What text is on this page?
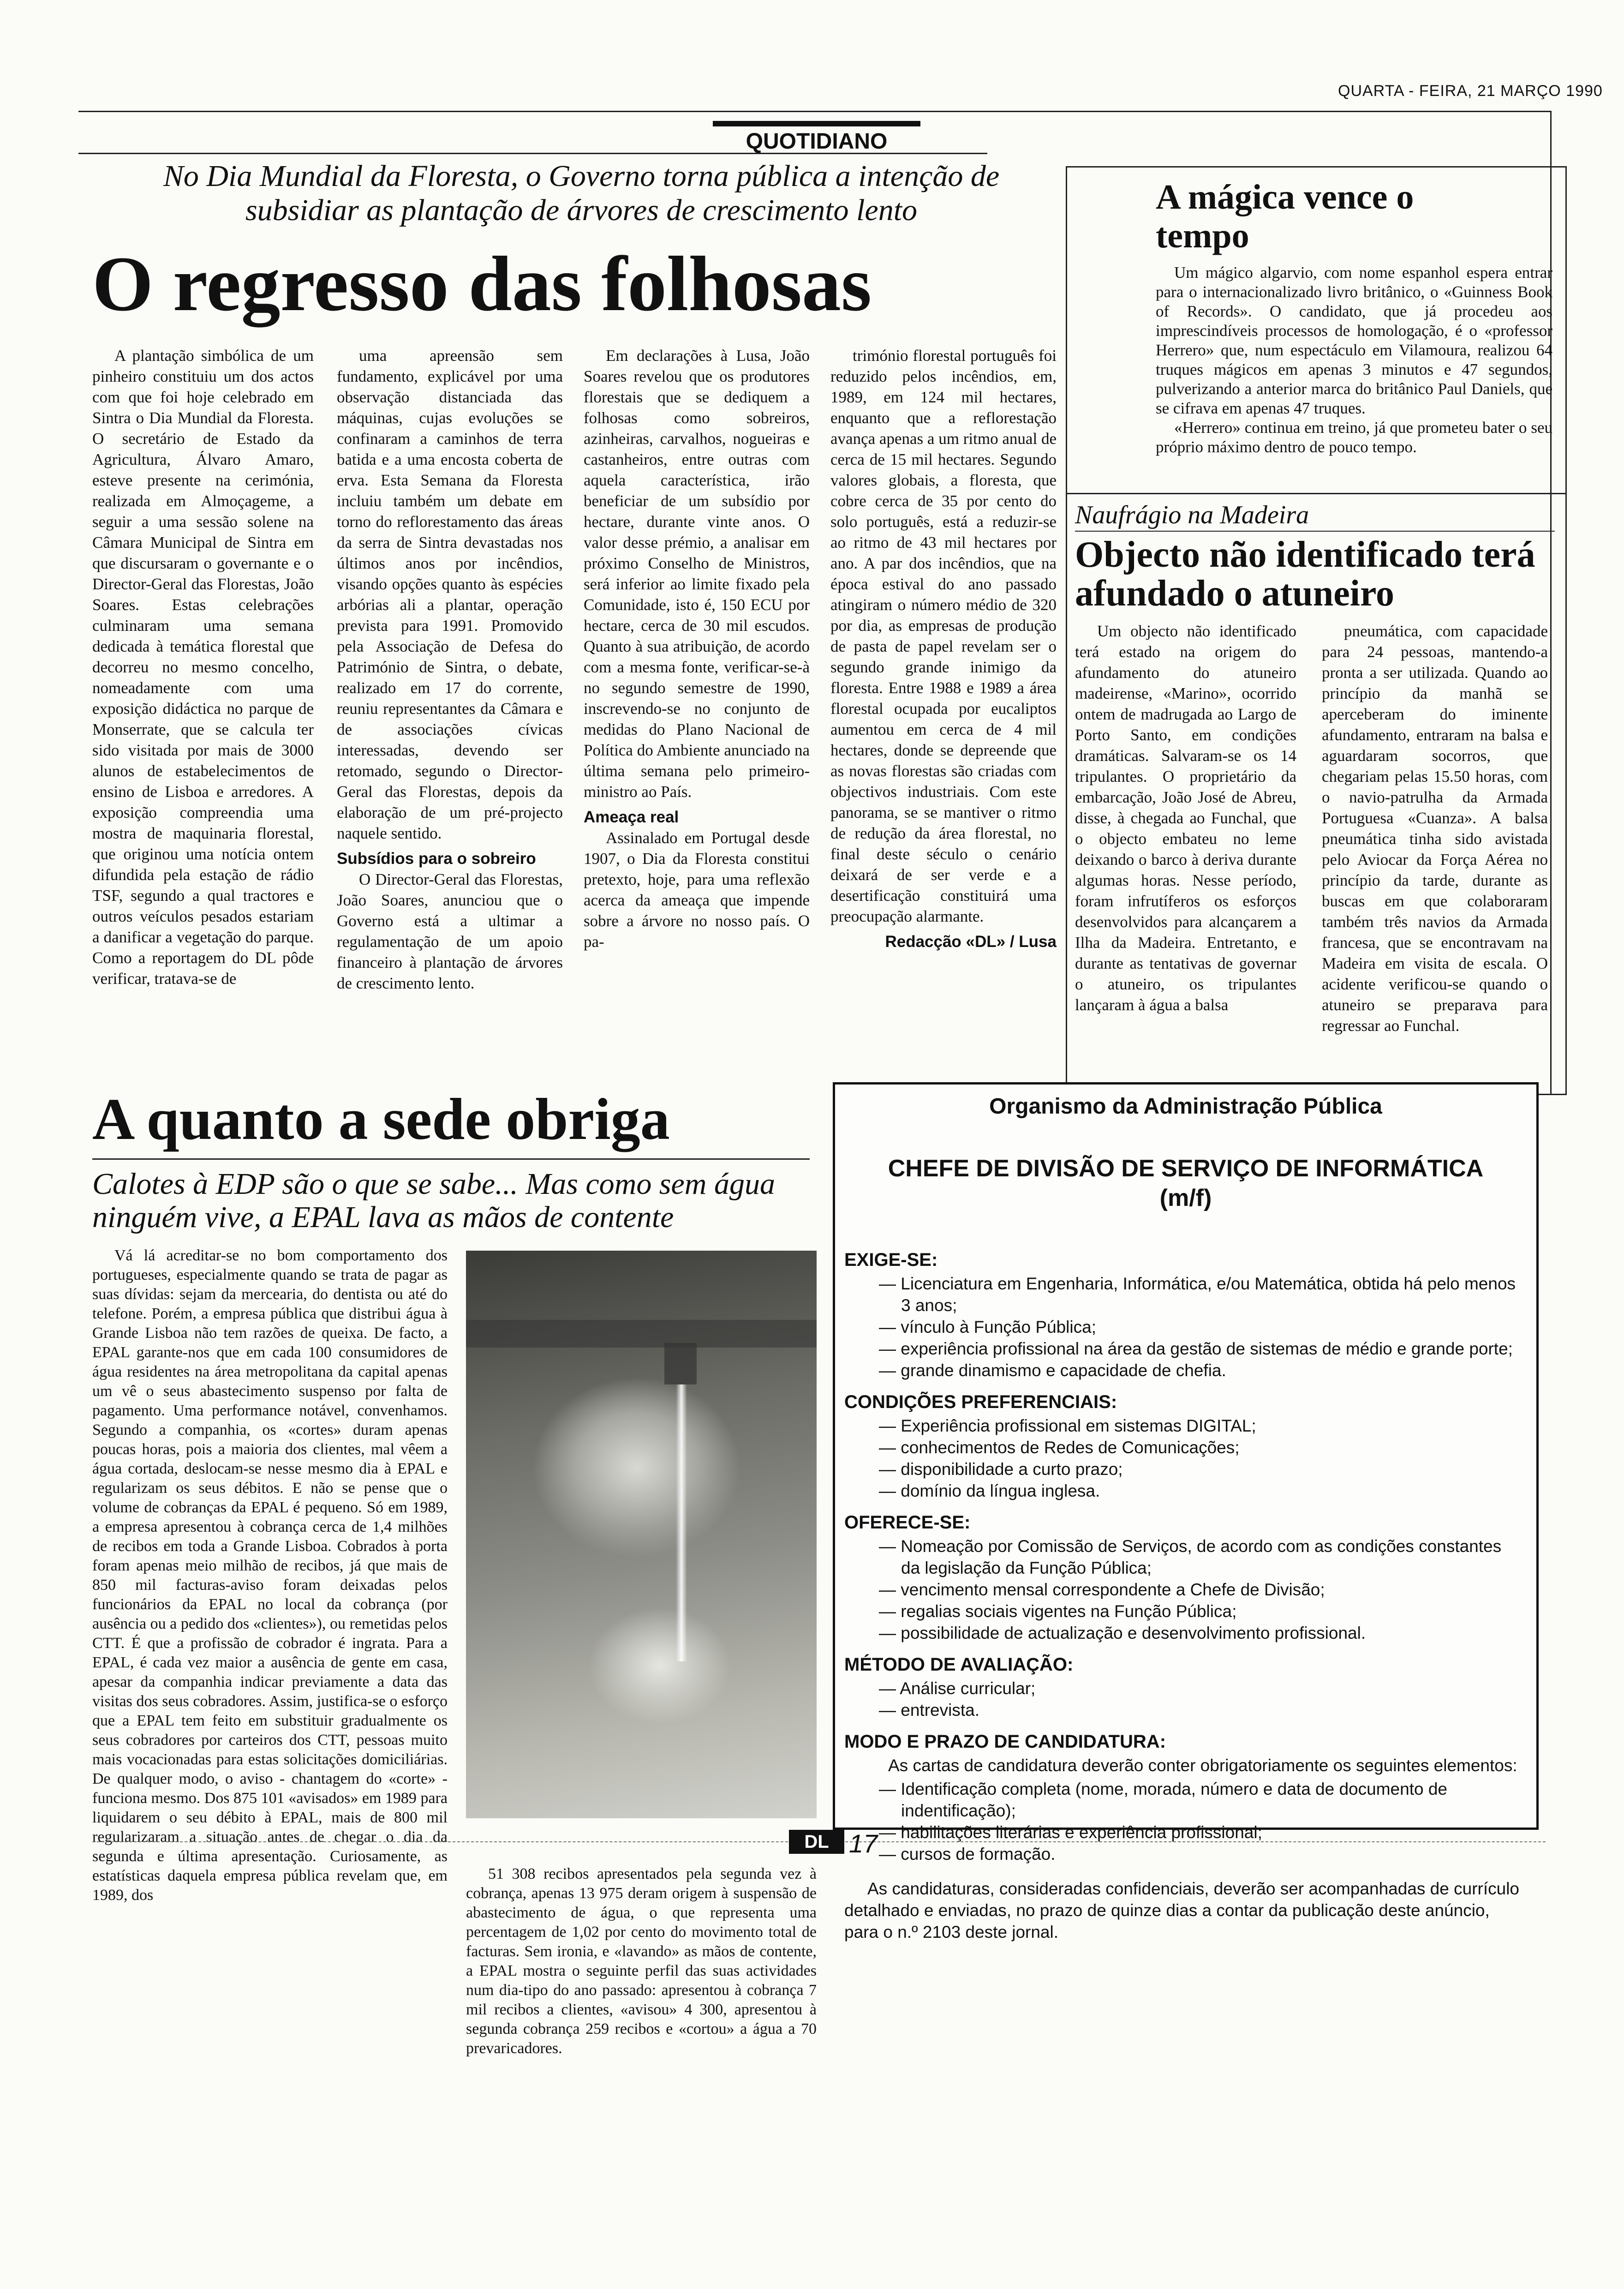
QUARTA - FEIRA, 21 MARÇO 1990
QUOTIDIANO
No Dia Mundial da Floresta, o Governo torna pública a intenção de subsidiar as plantação de árvores de crescimento lento
O regresso das folhosas

A plantação simbólica de um pinheiro constituiu um dos actos com que foi hoje celebrado em Sintra o Dia Mundial da Floresta. O secretário de Estado da Agricultura, Álvaro Amaro, esteve presente na cerimónia, realizada em Almoçageme, a seguir a uma sessão solene na Câmara Municipal de Sintra em que discursaram o governante e o Director-Geral das Florestas, João Soares. Estas celebrações culminaram uma semana dedicada à temática florestal que decorreu no mesmo concelho, nomeadamente com uma exposição didáctica no parque de Monserrate, que se calcula ter sido visitada por mais de 3000 alunos de estabelecimentos de ensino de Lisboa e arredores. A exposição compreendia uma mostra de maquinaria florestal, que originou uma notícia ontem difundida pela estação de rádio TSF, segundo a qual tractores e outros veículos pesados estariam a danificar a vegetação do parque. Como a reportagem do DL pôde verificar, tratava-se de

uma apreensão sem fundamento, explicável por uma observação distanciada das máquinas, cujas evoluções se confinaram a caminhos de terra batida e a uma encosta coberta de erva. Esta Semana da Floresta incluiu também um debate em torno do reflorestamento das áreas da serra de Sintra devastadas nos últimos anos por incêndios, visando opções quanto às espécies arbórias ali a plantar, operação prevista para 1991. Promovido pela Associação de Defesa do Património de Sintra, o debate, realizado em 17 do corrente, reuniu representantes da Câmara e de associações cívicas interessadas, devendo ser retomado, segundo o Director-Geral das Florestas, depois da elaboração de um pré-projecto naquele sentido.

Subsídios para o sobreiro

O Director-Geral das Florestas, João Soares, anunciou que o Governo está a ultimar a regulamentação de um apoio financeiro à plantação de árvores de crescimento lento.

Em declarações à Lusa, João Soares revelou que os produtores florestais que se dediquem a folhosas como sobreiros, azinheiras, carvalhos, nogueiras e castanheiros, entre outras com aquela característica, irão beneficiar de um subsídio por hectare, durante vinte anos. O valor desse prémio, a analisar em próximo Conselho de Ministros, será inferior ao limite fixado pela Comunidade, isto é, 150 ECU por hectare, cerca de 30 mil escudos. Quanto à sua atribuição, de acordo com a mesma fonte, verificar-se-à no segundo semestre de 1990, inscrevendo-se no conjunto de medidas do Plano Nacional de Política do Ambiente anunciado na última semana pelo primeiro-ministro ao País.

Ameaça real

Assinalado em Portugal desde 1907, o Dia da Floresta constitui pretexto, hoje, para uma reflexão acerca da ameaça que impende sobre a árvore no nosso país. O pa-

trimónio florestal português foi reduzido pelos incêndios, em, 1989, em 124 mil hectares, enquanto que a reflorestação avança apenas a um ritmo anual de cerca de 15 mil hectares. Segundo valores globais, a floresta, que cobre cerca de 35 por cento do solo português, está a reduzir-se ao ritmo de 43 mil hectares por ano. A par dos incêndios, que na época estival do ano passado atingiram o número médio de 320 por dia, as empresas de produção de pasta de papel revelam ser o segundo grande inimigo da floresta. Entre 1988 e 1989 a área florestal ocupada por eucaliptos aumentou em cerca de 4 mil hectares, donde se depreende que as novas florestas são criadas com objectivos industriais. Com este panorama, se se mantiver o ritmo de redução da área florestal, no final deste século o cenário deixará de ser verde e a desertificação constituirá uma preocupação alarmante.

Redacção «DL» / Lusa

A mágica vence o tempo

Um mágico algarvio, com nome espanhol espera entrar para o internacionalizado livro britânico, o «Guinness Book of Records». O candidato, que já procedeu aos imprescindíveis processos de homologação, é o «professor Herrero» que, num espectáculo em Vilamoura, realizou 64 truques mágicos em apenas 3 minutos e 47 segundos, pulverizando a anterior marca do britânico Paul Daniels, que se cifrava em apenas 47 truques.

«Herrero» continua em treino, já que prometeu bater o seu próprio máximo dentro de pouco tempo.

Naufrágio na Madeira
Objecto não identificado terá afundado o atuneiro

Um objecto não identificado terá estado na origem do afundamento do atuneiro madeirense, «Marino», ocorrido ontem de madrugada ao Largo de Porto Santo, em condições dramáticas. Salvaram-se os 14 tripulantes. O proprietário da embarcação, João José de Abreu, disse, à chegada ao Funchal, que o objecto embateu no leme deixando o barco à deriva durante algumas horas. Nesse período, foram infrutíferos os esforços desenvolvidos para alcançarem a Ilha da Madeira. Entretanto, e durante as tentativas de governar o atuneiro, os tripulantes lançaram à água a balsa

pneumática, com capacidade para 24 pessoas, mantendo-a pronta a ser utilizada. Quando ao princípio da manhã se aperceberam do iminente afundamento, entraram na balsa e aguardaram socorros, que chegariam pelas 15.50 horas, com o navio-patrulha da Armada Portuguesa «Cuanza». A balsa pneumática tinha sido avistada pelo Aviocar da Força Aérea no princípio da tarde, durante as buscas em que colaboraram também três navios da Armada francesa, que se encontravam na Madeira em visita de escala. O acidente verificou-se quando o atuneiro se preparava para regressar ao Funchal.

A quanto a sede obriga
Calotes à EDP são o que se sabe... Mas como sem água ninguém vive, a EPAL lava as mãos de contente

Vá lá acreditar-se no bom comportamento dos portugueses, especialmente quando se trata de pagar as suas dívidas: sejam da mercearia, do dentista ou até do telefone. Porém, a empresa pública que distribui água à Grande Lisboa não tem razões de queixa. De facto, a EPAL garante-nos que em cada 100 consumidores de água residentes na área metropolitana da capital apenas um vê o seus abastecimento suspenso por falta de pagamento. Uma performance notável, convenhamos. Segundo a companhia, os «cortes» duram apenas poucas horas, pois a maioria dos clientes, mal vêem a água cortada, deslocam-se nesse mesmo dia à EPAL e regularizam os seus débitos. E não se pense que o volume de cobranças da EPAL é pequeno. Só em 1989, a empresa apresentou à cobrança cerca de 1,4 milhões de recibos em toda a Grande Lisboa. Cobrados à porta foram apenas meio milhão de recibos, já que mais de 850 mil facturas-aviso foram deixadas pelos funcionários da EPAL no local da cobrança (por ausência ou a pedido dos «clientes»), ou remetidas pelos CTT. É que a profissão de cobrador é ingrata. Para a EPAL, é cada vez maior a ausência de gente em casa, apesar da companhia indicar previamente a data das visitas dos seus cobradores. Assim, justifica-se o esforço que a EPAL tem feito em substituir gradualmente os seus cobradores por carteiros dos CTT, pessoas muito mais vocacionadas para estas solicitações domiciliárias. De qualquer modo, o aviso - chantagem do «corte» - funciona mesmo. Dos 875 101 «avisados» em 1989 para liquidarem o seu débito à EPAL, mais de 800 mil regularizaram a situação antes de chegar o dia da segunda e última apresentação. Curiosamente, as estatísticas daquela empresa pública revelam que, em 1989, dos

Organismo da Administração Pública
CHEFE DE DIVISÃO DE SERVIÇO DE INFORMÁTICA
(m/f)
EXIGE-SE:
— Licenciatura em Engenharia, Informática, e/ou Matemática, obtida há pelo menos 3 anos;
— vínculo à Função Pública;
— experiência profissional na área da gestão de sistemas de médio e grande porte;
— grande dinamismo e capacidade de chefia.
CONDIÇÕES PREFERENCIAIS:
— Experiência profissional em sistemas DIGITAL;
— conhecimentos de Redes de Comunicações;
— disponibilidade a curto prazo;
— domínio da língua inglesa.
OFERECE-SE:
— Nomeação por Comissão de Serviços, de acordo com as condições constantes da legislação da Função Pública;
— vencimento mensal correspondente a Chefe de Divisão;
— regalias sociais vigentes na Função Pública;
— possibilidade de actualização e desenvolvimento profissional.
MÉTODO DE AVALIAÇÃO:
— Análise curricular;
— entrevista.
MODO E PRAZO DE CANDIDATURA:
As cartas de candidatura deverão conter obrigatoriamente os seguintes elementos:
— Identificação completa (nome, morada, número e data de documento de indentificação);
— habilitações literárias e experiência profissional;
— cursos de formação.
As candidaturas, consideradas confidenciais, deverão ser acompanhadas de currículo detalhado e enviadas, no prazo de quinze dias a contar da publicação deste anúncio, para o n.º 2103 deste jornal.
DL 17

51 308 recibos apresentados pela segunda vez à cobrança, apenas 13 975 deram origem à suspensão de abastecimento de água, o que representa uma percentagem de 1,02 por cento do movimento total de facturas. Sem ironia, e «lavando» as mãos de contente, a EPAL mostra o seguinte perfil das suas actividades num dia-tipo do ano passado: apresentou à cobrança 7 mil recibos a clientes, «avisou» 4 300, apresentou à segunda cobrança 259 recibos e «cortou» a água a 70 prevaricadores.
